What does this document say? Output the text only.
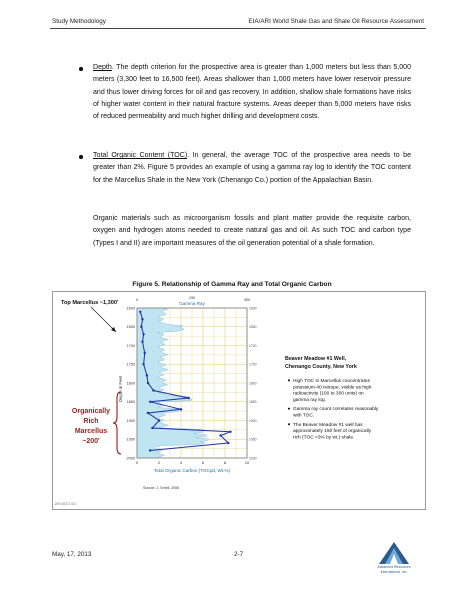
Study Methodology	EIA/ARI World Shale Gas and Shale Oil Resource Assessment

Depth. The depth criterion for the prospective area is greater than 1,000 meters but less than 5,000 meters (3,300 feet to 16,500 feet). Areas shallower than 1,000 meters have lower reservoir pressure and thus lower driving forces for oil and gas recovery. In addition, shallow shale formations have risks of higher water content in their natural fracture systems. Areas deeper than 5,000 meters have risks of reduced permeability and much higher drilling and development costs.

Total Organic Content (TOC). In general, the average TOC of the prospective area needs to be greater than 2%. Figure 5 provides an example of using a gamma ray log to identify the TOC content for the Marcellus Shale in the New York (Chenango Co.) portion of the Appalachian Basin.

Organic materials such as microorganism fossils and plant matter provide the requisite carbon, oxygen and hydrogen atoms needed to create natural gas and oil. As such TOC and carbon type (Types I and II) are important measures of the oil generation potential of a shale formation.

Figure 5. Relationship of Gamma Ray and Total Organic Carbon
Top Marcellus ~1,300'
Organically
Rich
Marcellus
~200'
Gamma Ray
0	150	300
1600
1650
1700
1750
1800
1850
1900
1950
2000
1600
1650
1700
1750
1800
1850
1900
1950
2000
0	2	4	6	8	10
Depth in Feet
Total Organic Carbon (TOCpd, Wt.%)
Source: J. Smell, 2006
Beaver Meadow #1 Well,
Chenango County, New York
High TOC in Marcellus concentrates
potassium-40 isotope, visible as high
radioactivity (100 to 300 units) on
gamma ray log.
Gamma ray count correlates reasonably
with TOC.
The Beaver Meadow #1 well has
approximately 150 feet of organically
rich (TOC >3% by wt.) shale.
JAF02837.DOC
May, 17, 2013	2-7
Advanced Resources
International, Inc.
